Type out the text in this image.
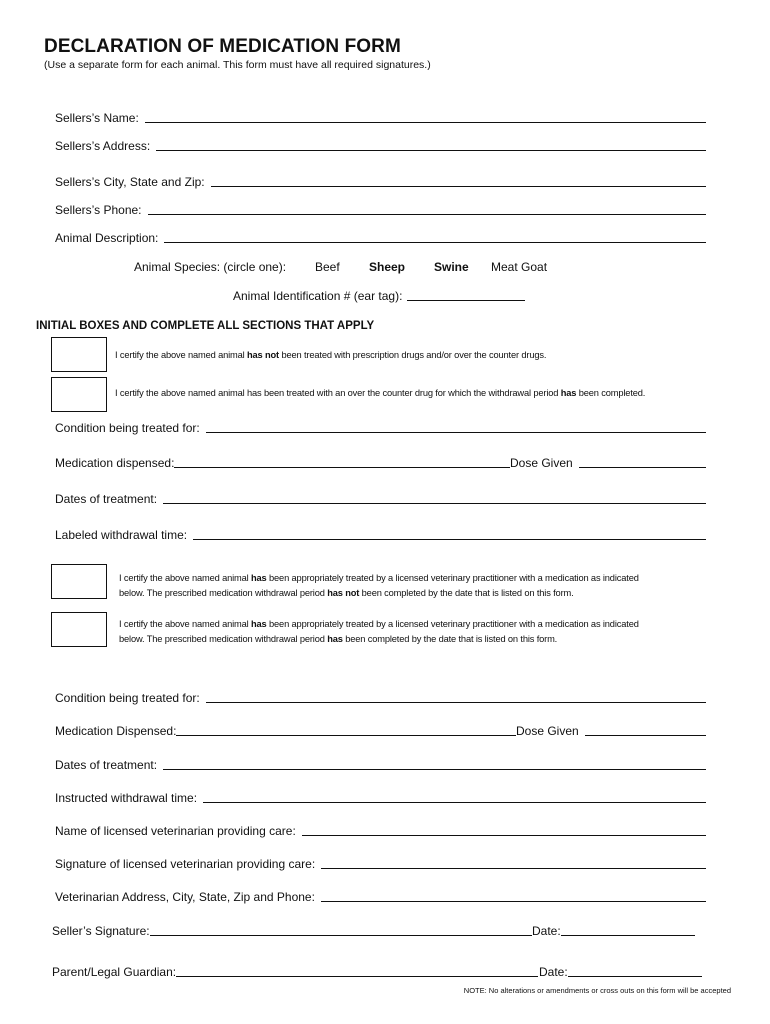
DECLARATION OF MEDICATION FORM
(Use a separate form for each animal. This form must have all required signatures.)
Sellers’s Name:
Sellers’s Address:
Sellers’s City, State and Zip:
Sellers’s Phone:
Animal Description:
Animal Species: (circle one): Beef Sheep Swine Meat Goat
Animal Identification # (ear tag):
INITIAL BOXES AND COMPLETE ALL SECTIONS THAT APPLY
I certify the above named animal has not been treated with prescription drugs and/or over the counter drugs.
I certify the above named animal has been treated with an over the counter drug for which the withdrawal period has been completed.
Condition being treated for:
Medication dispensed:	Dose Given
Dates of treatment:
Labeled withdrawal time:
I certify the above named animal has been appropriately treated by a licensed veterinary practitioner with a medication as indicated
below. The prescribed medication withdrawal period has not been completed by the date that is listed on this form.
I certify the above named animal has been appropriately treated by a licensed veterinary practitioner with a medication as indicated
below. The prescribed medication withdrawal period has been completed by the date that is listed on this form.
Condition being treated for:
Medication Dispensed:	Dose Given
Dates of treatment:
Instructed withdrawal time:
Name of licensed veterinarian providing care:
Signature of licensed veterinarian providing care:
Veterinarian Address, City, State, Zip and Phone:
Seller’s Signature:	Date:
Parent/Legal Guardian:	Date:
NOTE: No alterations or amendments or cross outs on this form will be accepted
